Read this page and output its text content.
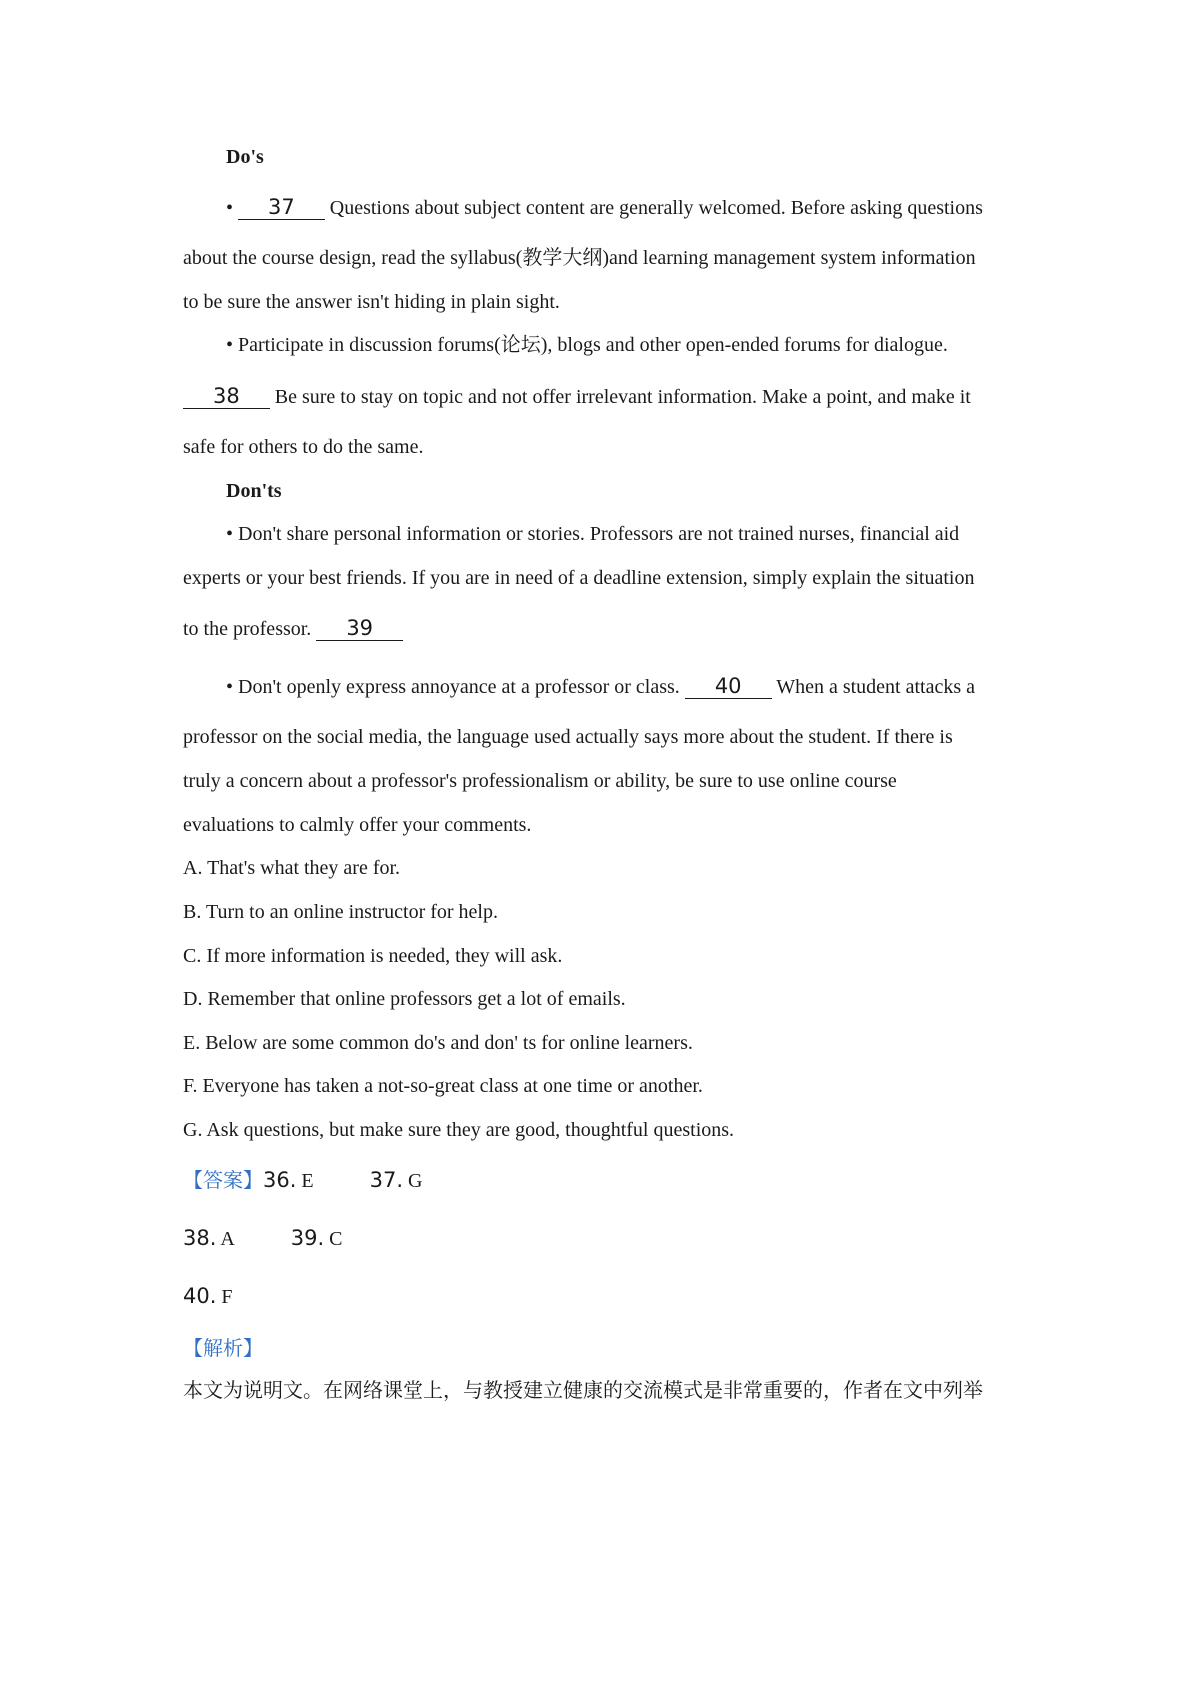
Do's
• 37 Questions about subject content are generally welcomed. Before asking questions
about the course design, read the syllabus(教学大纲)and learning management system information
to be sure the answer isn't hiding in plain sight.
• Participate in discussion forums(论坛), blogs and other open-ended forums for dialogue.
38 Be sure to stay on topic and not offer irrelevant information. Make a point, and make it
safe for others to do the same.
Don'ts
• Don't share personal information or stories. Professors are not trained nurses, financial aid
experts or your best friends. If you are in need of a deadline extension, simply explain the situation
to the professor. 39
• Don't openly express annoyance at a professor or class. 40 When a student attacks a
professor on the social media, the language used actually says more about the student. If there is
truly a concern about a professor's professionalism or ability, be sure to use online course
evaluations to calmly offer your comments.
A. That's what they are for.
B. Turn to an online instructor for help.
C. If more information is needed, they will ask.
D. Remember that online professors get a lot of emails.
E. Below are some common do's and don' ts for online learners.
F. Everyone has taken a not-so-great class at one time or another.
G. Ask questions, but make sure they are good, thoughtful questions.
【答案】36. E	37. G
38. A	39. C
40. F
【解析】
本文为说明文。在网络课堂上，与教授建立健康的交流模式是非常重要的，作者在文中列举
